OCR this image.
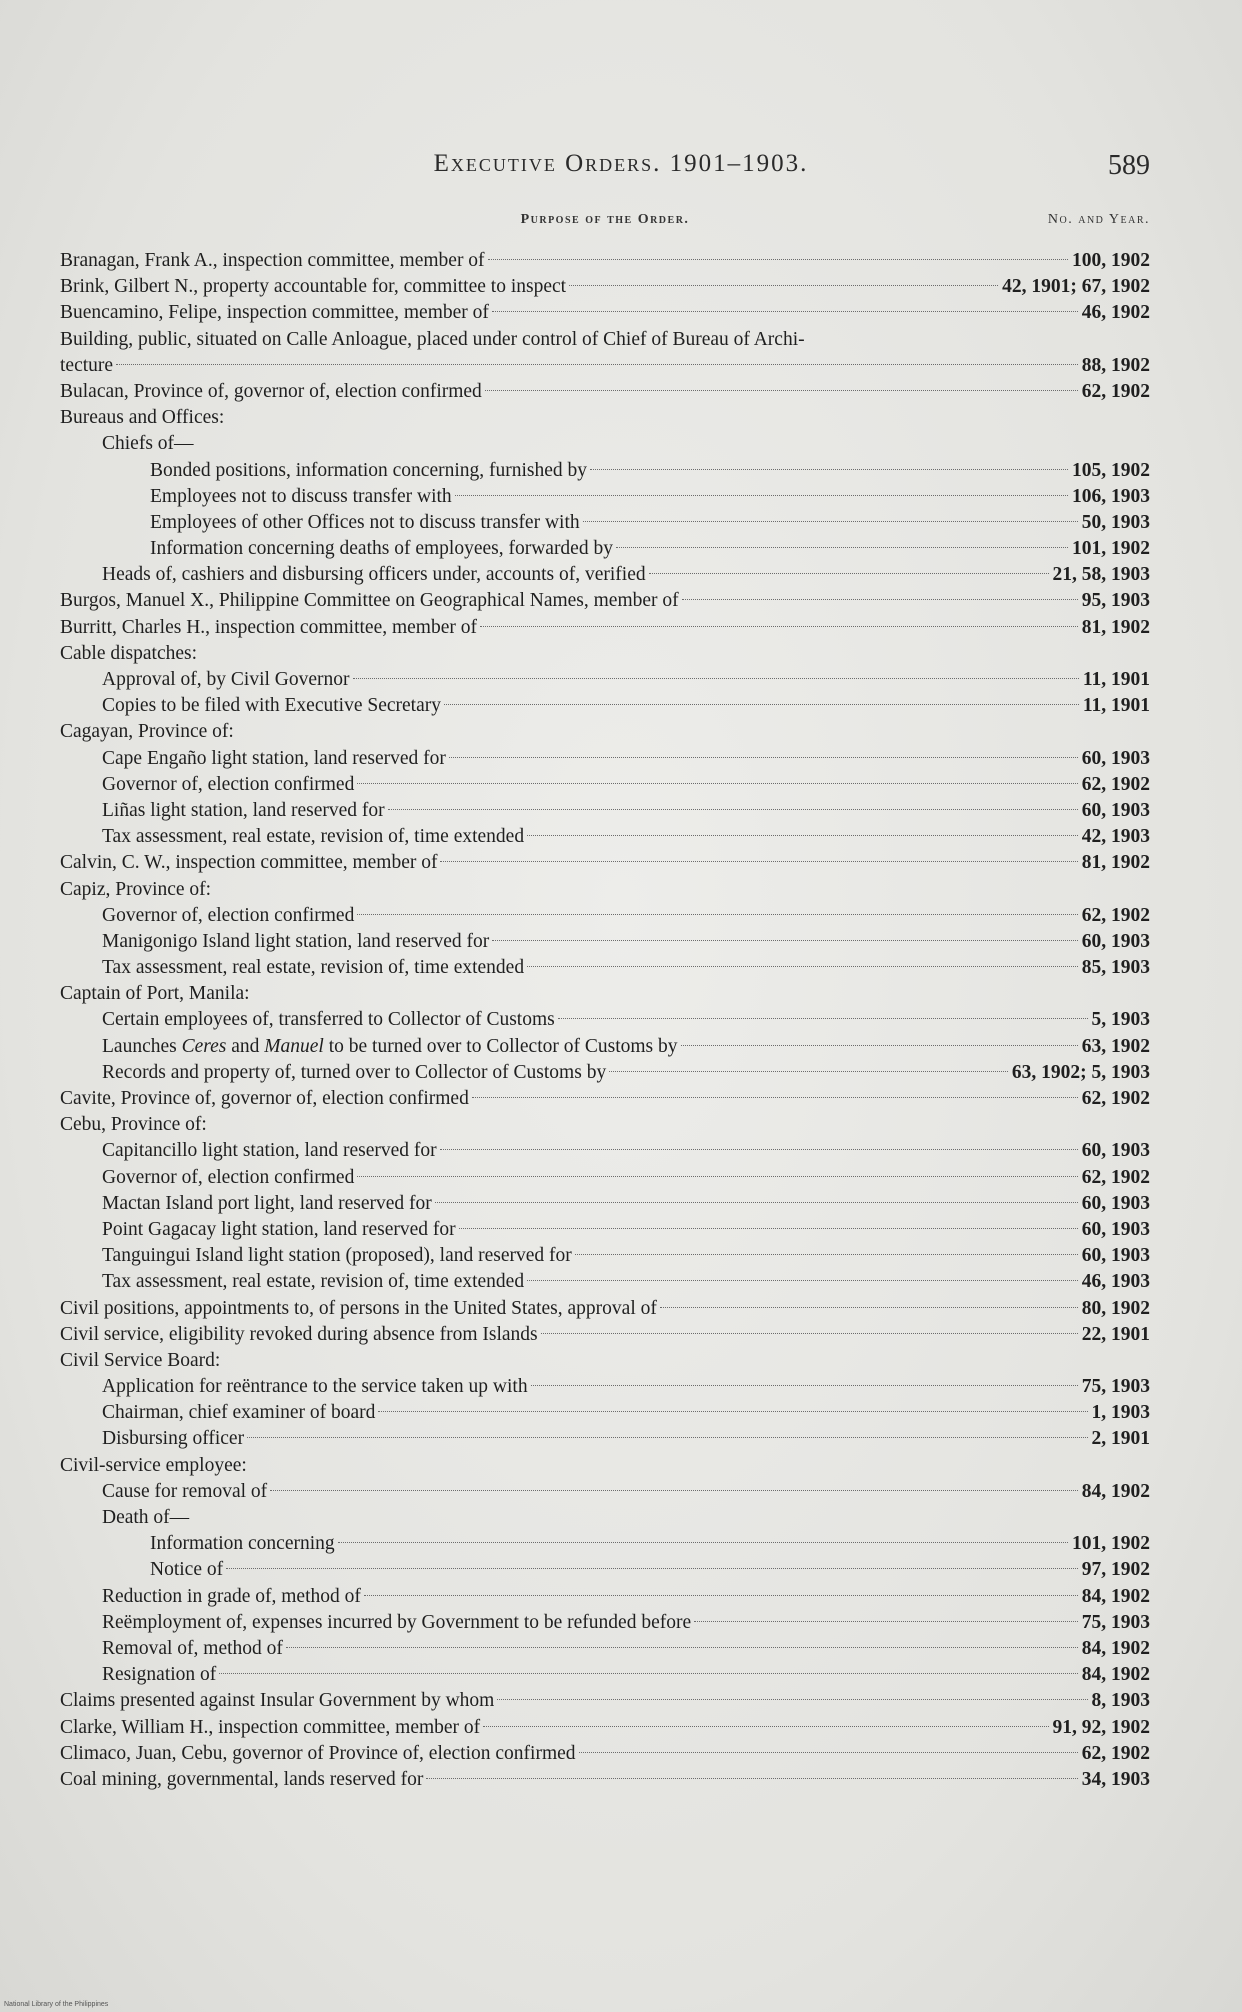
Executive Orders. 1901–1903.	589
Purpose of the Order.	No. and Year.
Branagan, Frank A., inspection committee, member of	100, 1902
Brink, Gilbert N., property accountable for, committee to inspect	42, 1901; 67, 1902
Buencamino, Felipe, inspection committee, member of	46, 1902
Building, public, situated on Calle Anloague, placed under control of Chief of Bureau of Archi-
tecture	88, 1902
Bulacan, Province of, governor of, election confirmed	62, 1902
Bureaus and Offices:
Chiefs of—
Bonded positions, information concerning, furnished by	105, 1902
Employees not to discuss transfer with	106, 1903
Employees of other Offices not to discuss transfer with	50, 1903
Information concerning deaths of employees, forwarded by	101, 1902
Heads of, cashiers and disbursing officers under, accounts of, verified	21, 58, 1903
Burgos, Manuel X., Philippine Committee on Geographical Names, member of	95, 1903
Burritt, Charles H., inspection committee, member of	81, 1902
Cable dispatches:
Approval of, by Civil Governor	11, 1901
Copies to be filed with Executive Secretary	11, 1901
Cagayan, Province of:
Cape Engaño light station, land reserved for	60, 1903
Governor of, election confirmed	62, 1902
Liñas light station, land reserved for	60, 1903
Tax assessment, real estate, revision of, time extended	42, 1903
Calvin, C. W., inspection committee, member of	81, 1902
Capiz, Province of:
Governor of, election confirmed	62, 1902
Manigonigo Island light station, land reserved for	60, 1903
Tax assessment, real estate, revision of, time extended	85, 1903
Captain of Port, Manila:
Certain employees of, transferred to Collector of Customs	5, 1903
Launches Ceres and Manuel to be turned over to Collector of Customs by	63, 1902
Records and property of, turned over to Collector of Customs by	63, 1902; 5, 1903
Cavite, Province of, governor of, election confirmed	62, 1902
Cebu, Province of:
Capitancillo light station, land reserved for	60, 1903
Governor of, election confirmed	62, 1902
Mactan Island port light, land reserved for	60, 1903
Point Gagacay light station, land reserved for	60, 1903
Tanguingui Island light station (proposed), land reserved for	60, 1903
Tax assessment, real estate, revision of, time extended	46, 1903
Civil positions, appointments to, of persons in the United States, approval of	80, 1902
Civil service, eligibility revoked during absence from Islands	22, 1901
Civil Service Board:
Application for reëntrance to the service taken up with	75, 1903
Chairman, chief examiner of board	1, 1903
Disbursing officer	2, 1901
Civil-service employee:
Cause for removal of	84, 1902
Death of—
Information concerning	101, 1902
Notice of	97, 1902
Reduction in grade of, method of	84, 1902
Reëmployment of, expenses incurred by Government to be refunded before	75, 1903
Removal of, method of	84, 1902
Resignation of	84, 1902
Claims presented against Insular Government by whom	8, 1903
Clarke, William H., inspection committee, member of	91, 92, 1902
Climaco, Juan, Cebu, governor of Province of, election confirmed	62, 1902
Coal mining, governmental, lands reserved for	34, 1903
National Library of the Philippines
